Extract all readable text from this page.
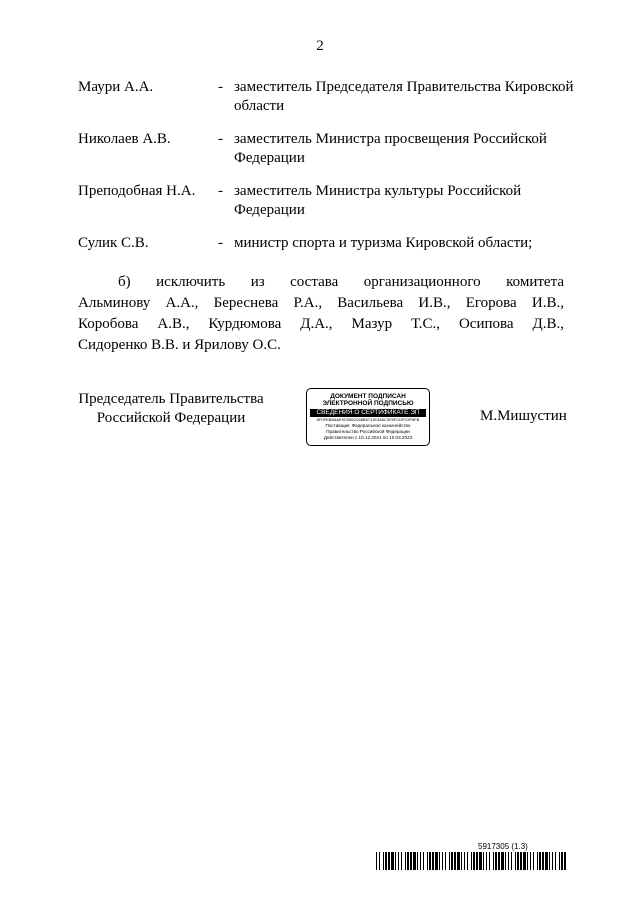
2
Маури А.А.	- заместитель Председателя Правительства Кировской области
Николаев А.В.	- заместитель Министра просвещения Российской Федерации
Преподобная Н.А. - заместитель Министра культуры Российской Федерации
Сулик С.В.	- министр спорта и туризма Кировской области;
б) исключить из состава организационного комитета
Альминову А.А., Береснева Р.А., Васильева И.В., Егорова И.В.,
Коробова А.В., Курдюмова Д.А., Мазур Т.С., Осипова Д.В.,
Сидоренко В.В. и Ярилову О.С.
Председатель Правительства
Российской Федерации
ДОКУМЕНТ ПОДПИСАН
ЭЛЕКТРОННОЙ ПОДПИСЬЮ
СВЕДЕНИЯ О СЕРТИФИКАТЕ ЭП
5F0FEB8AAE9C5502C68B6711E3A6C3F6FCDFC5F5FB
Поставщик: Федеральное казначейство
Правительство Российской Федерации
Действителен с 10.12.2021 по 10.03.2023
М.Мишустин
5917305 (1.3)
